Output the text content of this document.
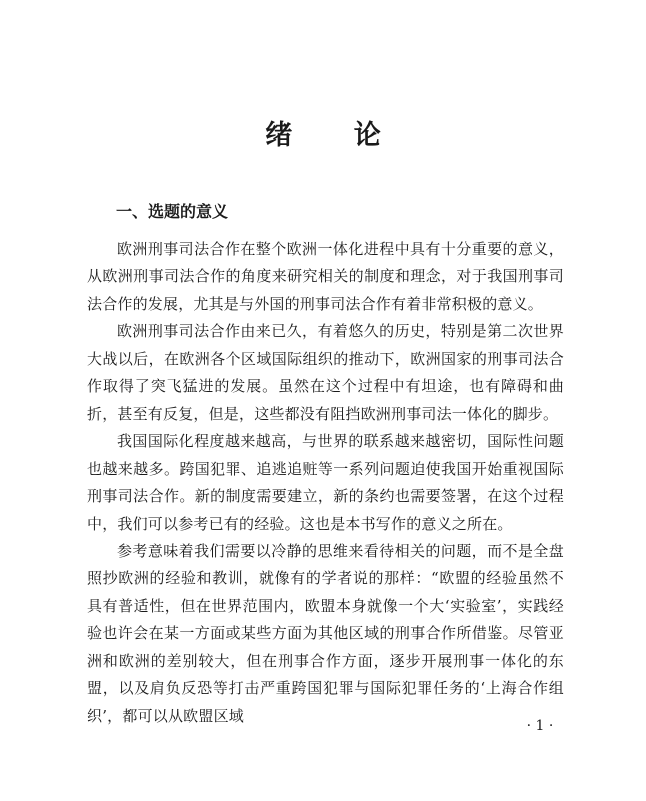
绪 论
一、选题的意义

欧洲刑事司法合作在整个欧洲一体化进程中具有十分重要的意义，从欧洲刑事司法合作的角度来研究相关的制度和理念，对于我国刑事司法合作的发展，尤其是与外国的刑事司法合作有着非常积极的意义。

欧洲刑事司法合作由来已久，有着悠久的历史，特别是第二次世界大战以后，在欧洲各个区域国际组织的推动下，欧洲国家的刑事司法合作取得了突飞猛进的发展。虽然在这个过程中有坦途，也有障碍和曲折，甚至有反复，但是，这些都没有阻挡欧洲刑事司法一体化的脚步。

我国国际化程度越来越高，与世界的联系越来越密切，国际性问题也越来越多。跨国犯罪、追逃追赃等一系列问题迫使我国开始重视国际刑事司法合作。新的制度需要建立，新的条约也需要签署，在这个过程中，我们可以参考已有的经验。这也是本书写作的意义之所在。

参考意味着我们需要以冷静的思维来看待相关的问题，而不是全盘照抄欧洲的经验和教训，就像有的学者说的那样：“欧盟的经验虽然不具有普适性，但在世界范围内，欧盟本身就像一个大‘实验室’，实践经验也许会在某一方面或某些方面为其他区域的刑事合作所借鉴。尽管亚洲和欧洲的差别较大，但在刑事合作方面，逐步开展刑事一体化的东盟，以及肩负反恐等打击严重跨国犯罪与国际犯罪任务的‘上海合作组织’，都可以从欧盟区域

· 1 ·
